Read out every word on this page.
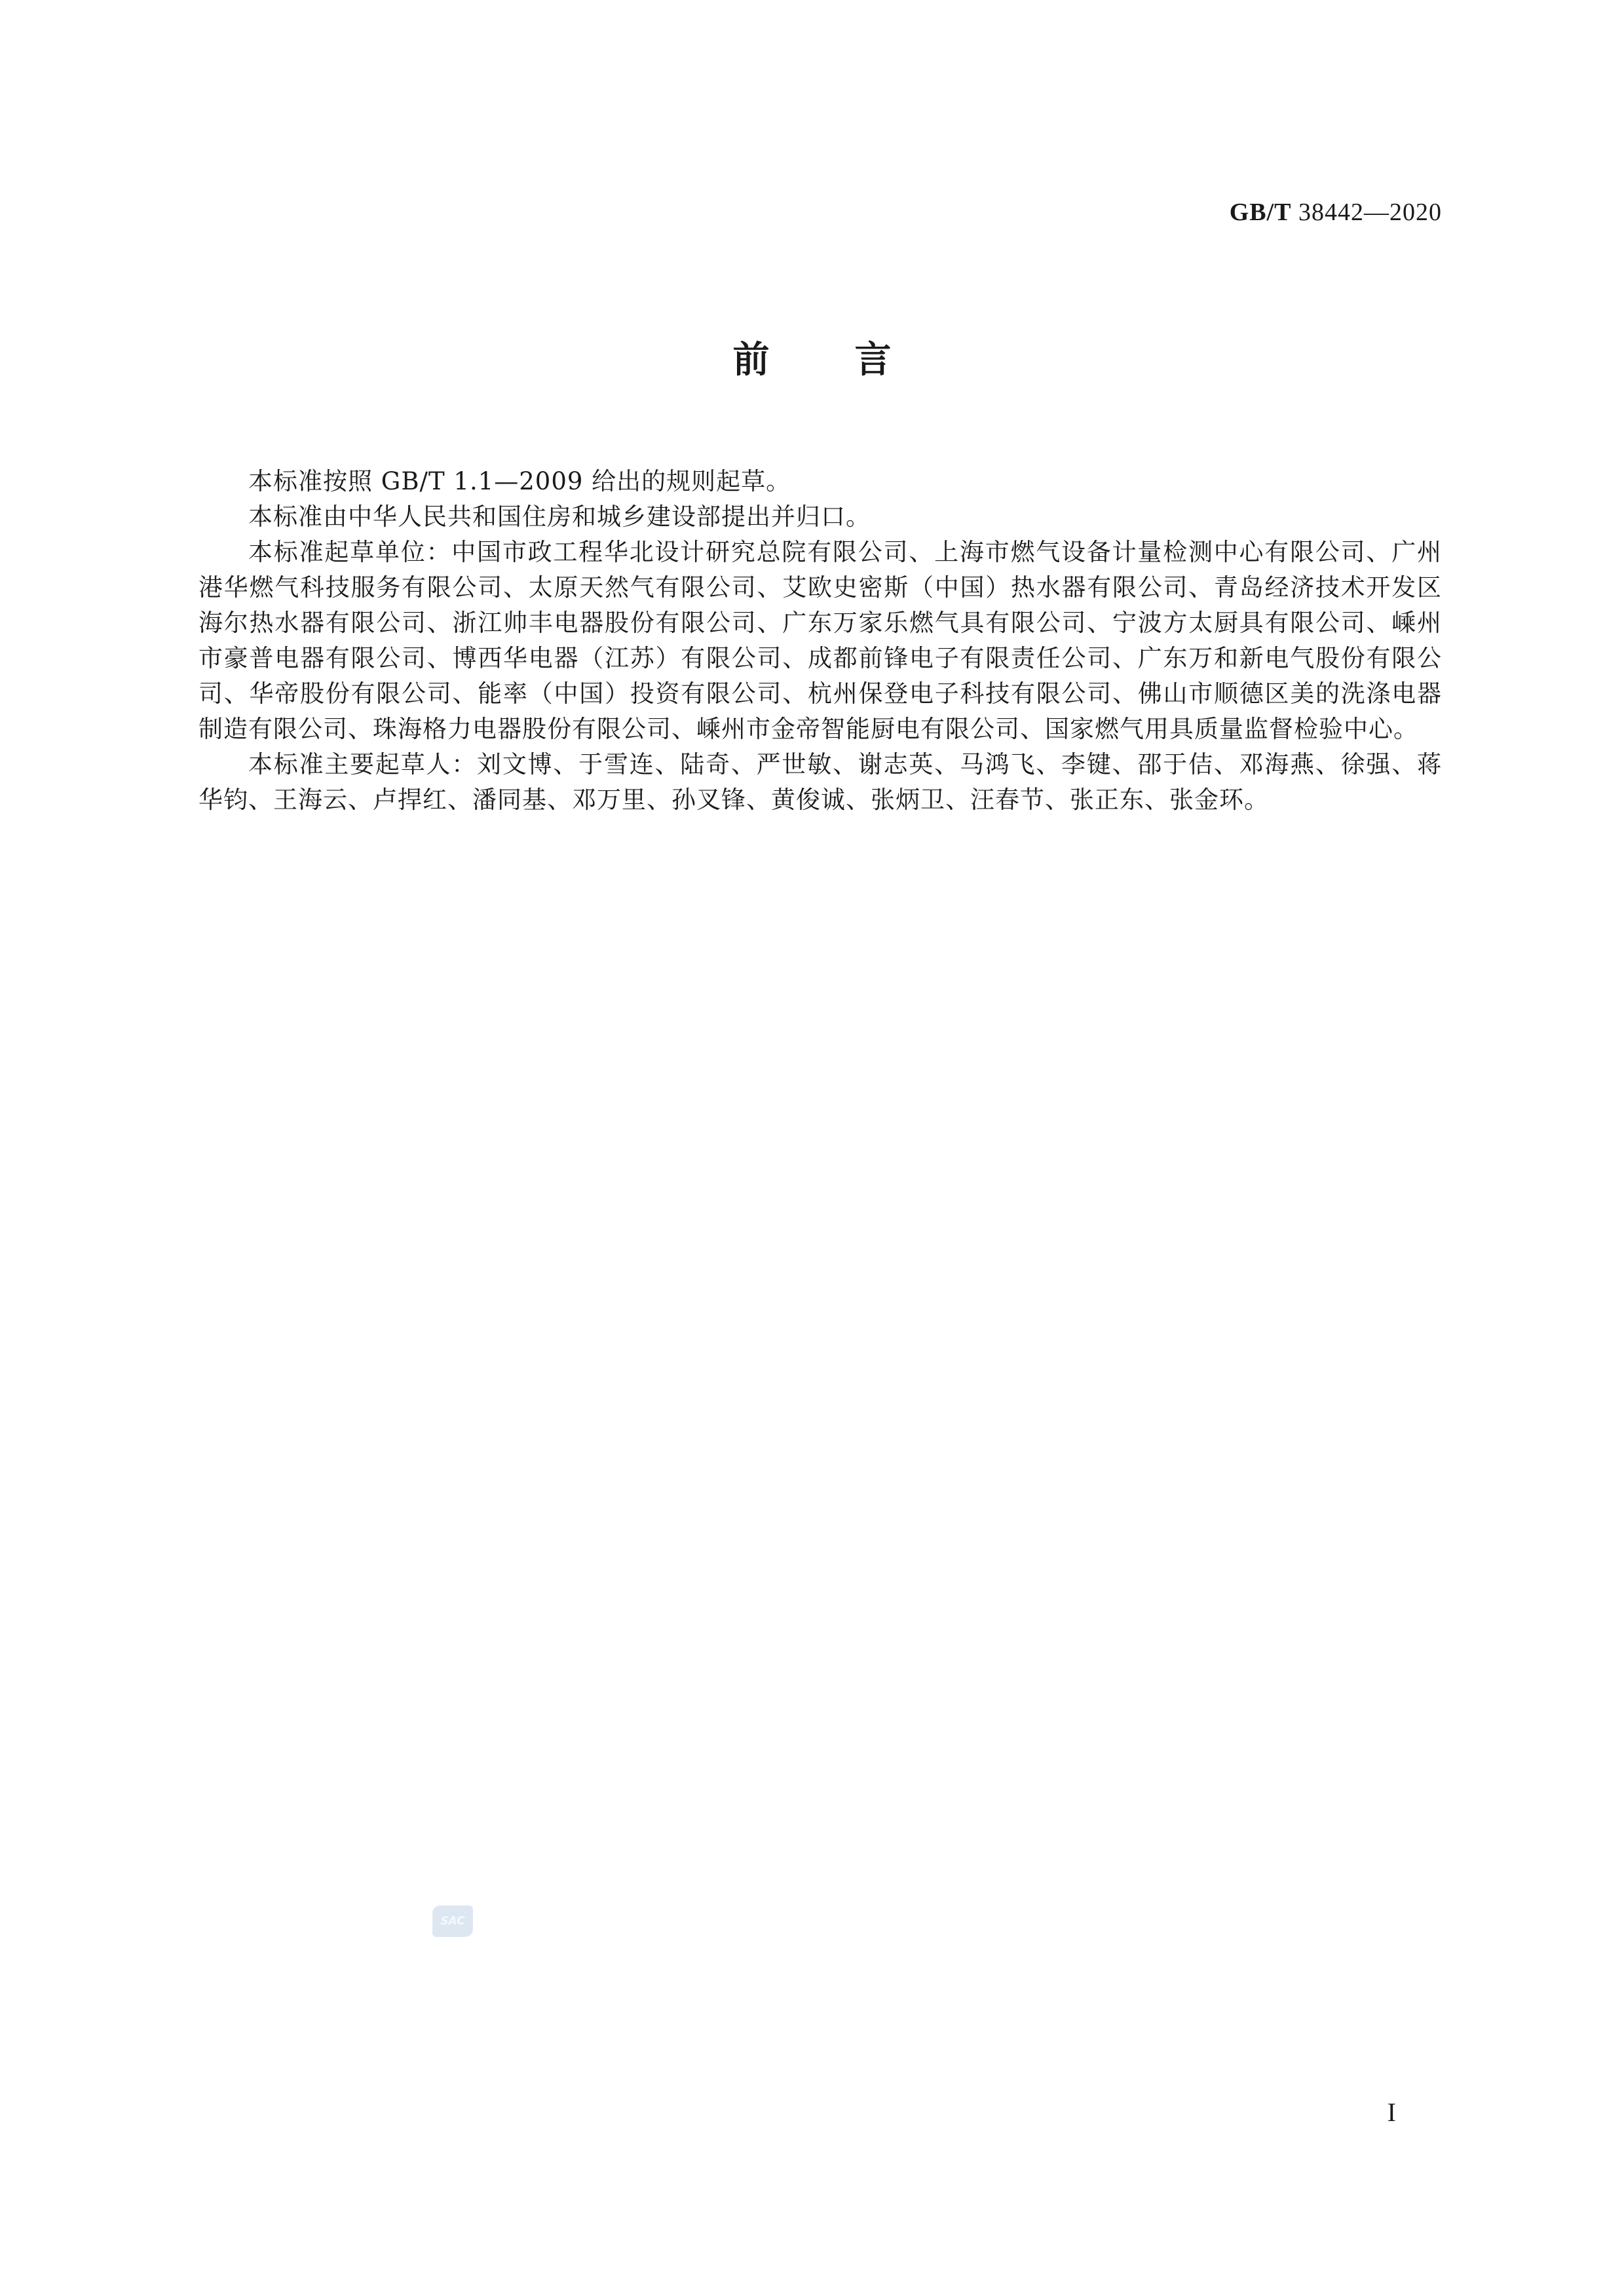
GB/T 38442—2020
前言

本标准按照 GB/T 1.1—2009 给出的规则起草。

本标准由中华人民共和国住房和城乡建设部提出并归口。

本标准起草单位：中国市政工程华北设计研究总院有限公司、上海市燃气设备计量检测中心有限公司、广州港华燃气科技服务有限公司、太原天然气有限公司、艾欧史密斯（中国）热水器有限公司、青岛经济技术开发区海尔热水器有限公司、浙江帅丰电器股份有限公司、广东万家乐燃气具有限公司、宁波方太厨具有限公司、嵊州市豪普电器有限公司、博西华电器（江苏）有限公司、成都前锋电子有限责任公司、广东万和新电气股份有限公司、华帝股份有限公司、能率（中国）投资有限公司、杭州保登电子科技有限公司、佛山市顺德区美的洗涤电器制造有限公司、珠海格力电器股份有限公司、嵊州市金帝智能厨电有限公司、国家燃气用具质量监督检验中心。

本标准主要起草人：刘文博、于雪连、陆奇、严世敏、谢志英、马鸿飞、李键、邵于佶、邓海燕、徐强、蒋华钧、王海云、卢捍红、潘同基、邓万里、孙叉锋、黄俊诚、张炳卫、汪春节、张正东、张金环。

SAC
I
